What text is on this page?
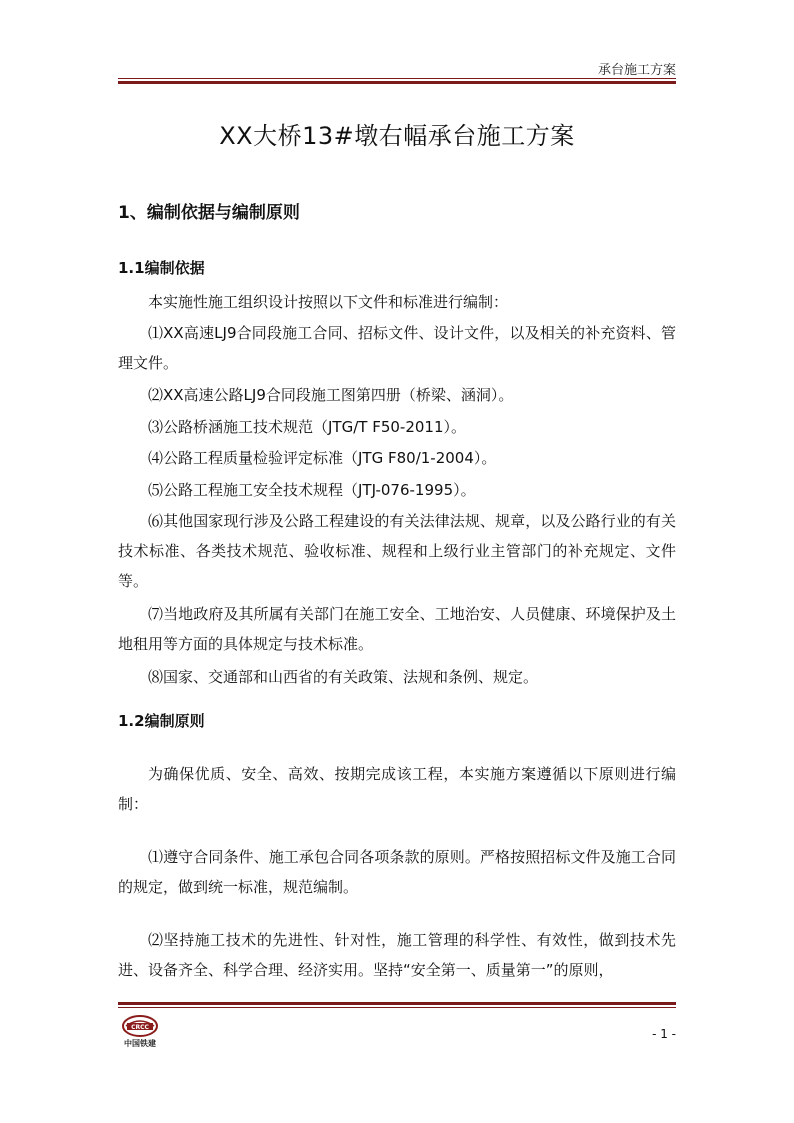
承台施工方案
XX大桥13#墩右幅承台施工方案
1、编制依据与编制原则
1.1编制依据
本实施性施工组织设计按照以下文件和标准进行编制：
⑴XX高速LJ9合同段施工合同、招标文件、设计文件，以及相关的补充资料、管理文件。
⑵XX高速公路LJ9合同段施工图第四册（桥梁、涵洞）。
⑶公路桥涵施工技术规范（JTG/T F50-2011）。
⑷公路工程质量检验评定标准（JTG F80/1-2004）。
⑸公路工程施工安全技术规程（JTJ-076-1995）。
⑹其他国家现行涉及公路工程建设的有关法律法规、规章，以及公路行业的有关技术标准、各类技术规范、验收标准、规程和上级行业主管部门的补充规定、文件等。
⑺当地政府及其所属有关部门在施工安全、工地治安、人员健康、环境保护及土地租用等方面的具体规定与技术标准。
⑻国家、交通部和山西省的有关政策、法规和条例、规定。
1.2编制原则
为确保优质、安全、高效、按期完成该工程，本实施方案遵循以下原则进行编制：
⑴遵守合同条件、施工承包合同各项条款的原则。严格按照招标文件及施工合同的规定，做到统一标准，规范编制。
⑵坚持施工技术的先进性、针对性，施工管理的科学性、有效性，做到技术先进、设备齐全、科学合理、经济实用。坚持“安全第一、质量第一”的原则，
CRCC
中国铁建
- 1 -
